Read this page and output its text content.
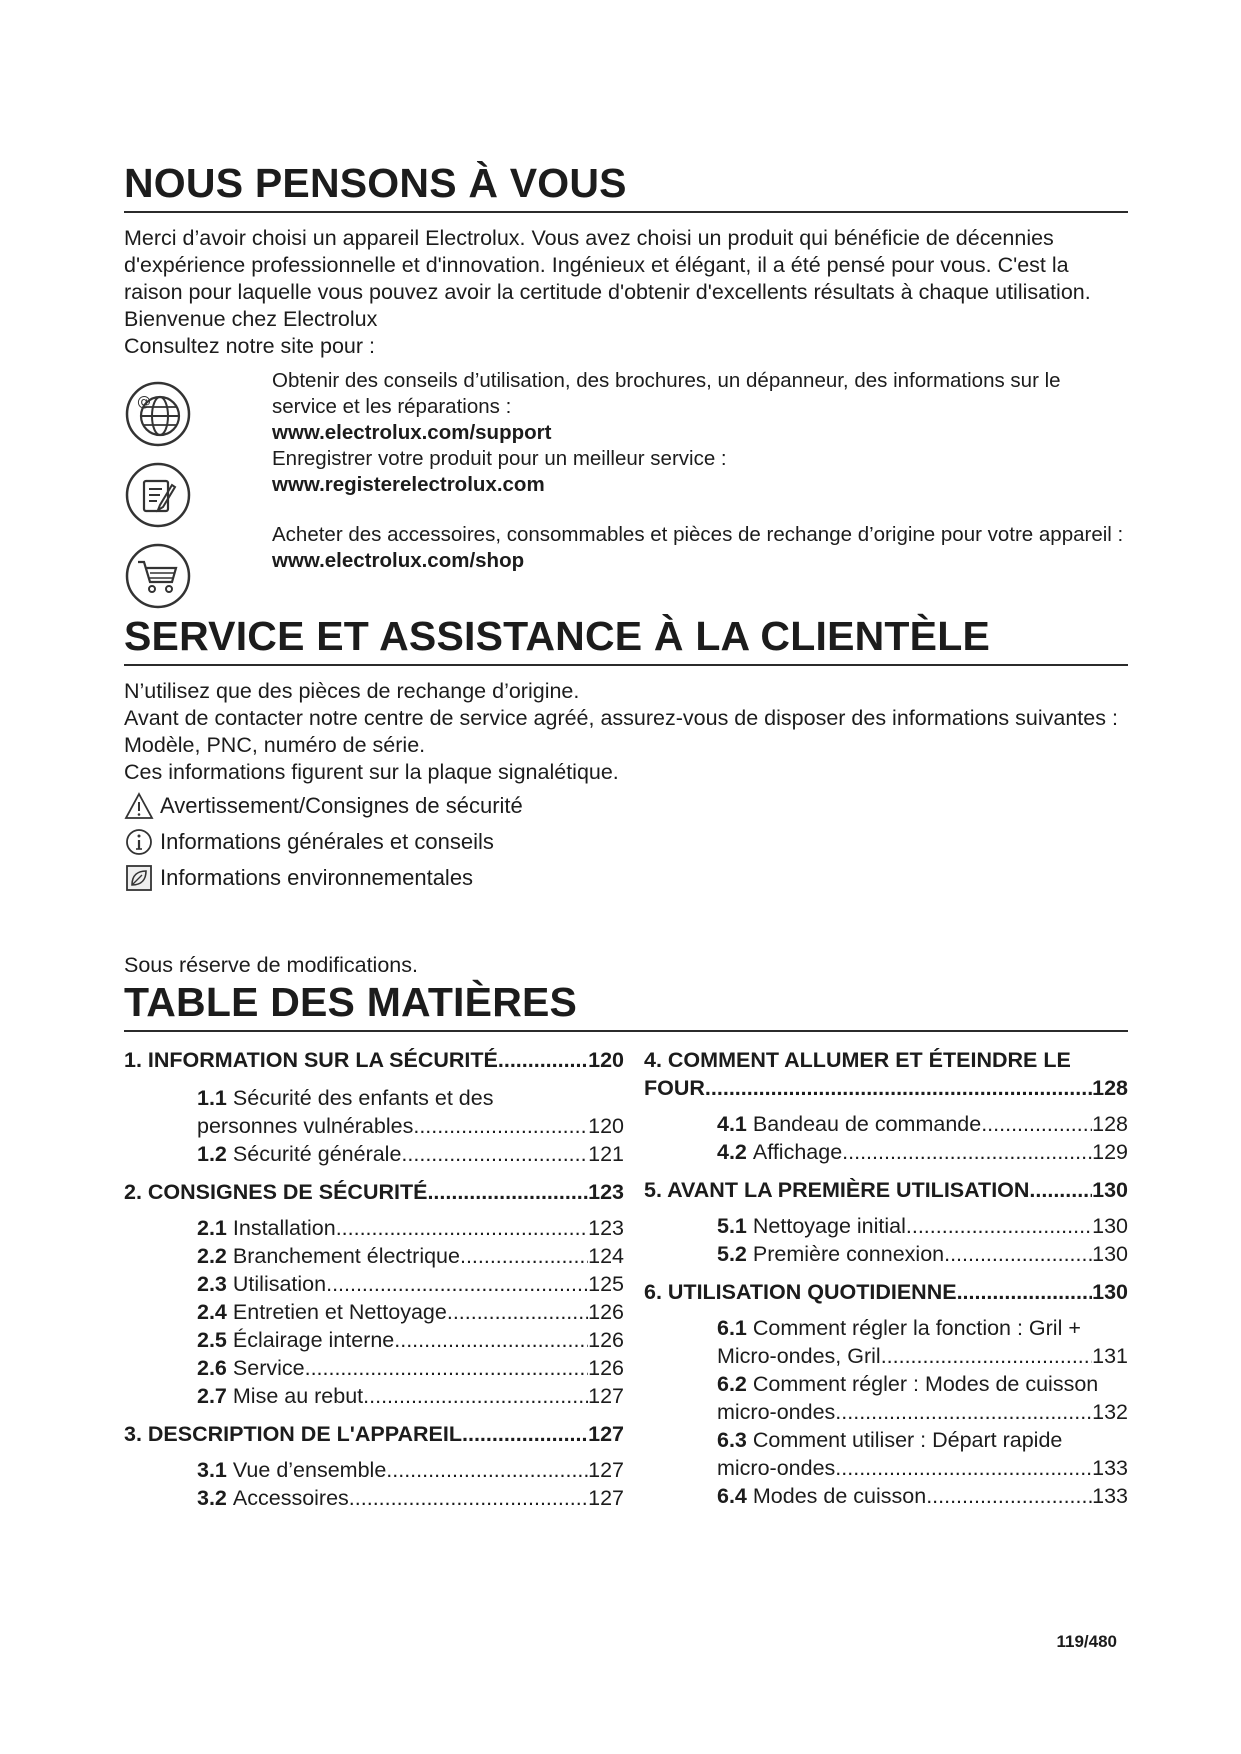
NOUS PENSONS À VOUS

Merci d’avoir choisi un appareil Electrolux. Vous avez choisi un produit qui bénéficie de décennies d'expérience professionnelle et d'innovation. Ingénieux et élégant, il a été pensé pour vous. C'est la raison pour laquelle vous pouvez avoir la certitude d'obtenir d'excellents résultats à chaque utilisation.

Bienvenue chez Electrolux

Consultez notre site pour :

@
Obtenir des conseils d’utilisation, des brochures, un dépanneur, des informations sur le service et les réparations :
www.electrolux.com/support
Enregistrer votre produit pour un meilleur service :
www.registerelectrolux.com
Acheter des accessoires, consommables et pièces de rechange d’origine pour votre appareil :
www.electrolux.com/shop
SERVICE ET ASSISTANCE À LA CLIENTÈLE

N’utilisez que des pièces de rechange d’origine.

Avant de contacter notre centre de service agréé, assurez-vous de disposer des informations suivantes : Modèle, PNC, numéro de série.

Ces informations figurent sur la plaque signalétique.

Avertissement/Consignes de sécurité
Informations générales et conseils
Informations environnementales

Sous réserve de modifications.

TABLE DES MATIÈRES
1. INFORMATION SUR LA SÉCURITÉ .....	120
1.1 Sécurité des enfants et des
personnes vulnérables .....	120
1.2 Sécurité générale .....	121
2. CONSIGNES DE SÉCURITÉ .....	123
2.1 Installation .....	123
2.2 Branchement électrique .....	124
2.3 Utilisation .....	125
2.4 Entretien et Nettoyage .....	126
2.5 Éclairage interne .....	126
2.6 Service .....	126
2.7 Mise au rebut .....	127
3. DESCRIPTION DE L'APPAREIL .....	127
3.1 Vue d’ensemble .....	127
3.2 Accessoires .....	127
4. COMMENT ALLUMER ET ÉTEINDRE LE
FOUR .....	128
4.1 Bandeau de commande .....	128
4.2 Affichage .....	129
5. AVANT LA PREMIÈRE UTILISATION .....	130
5.1 Nettoyage initial .....	130
5.2 Première connexion .....	130
6. UTILISATION QUOTIDIENNE .....	130
6.1 Comment régler la fonction : Gril +
Micro-ondes, Gril .....	131
6.2 Comment régler : Modes de cuisson
micro-ondes .....	132
6.3 Comment utiliser : Départ rapide
micro-ondes .....	133
6.4 Modes de cuisson .....	133
119/480
